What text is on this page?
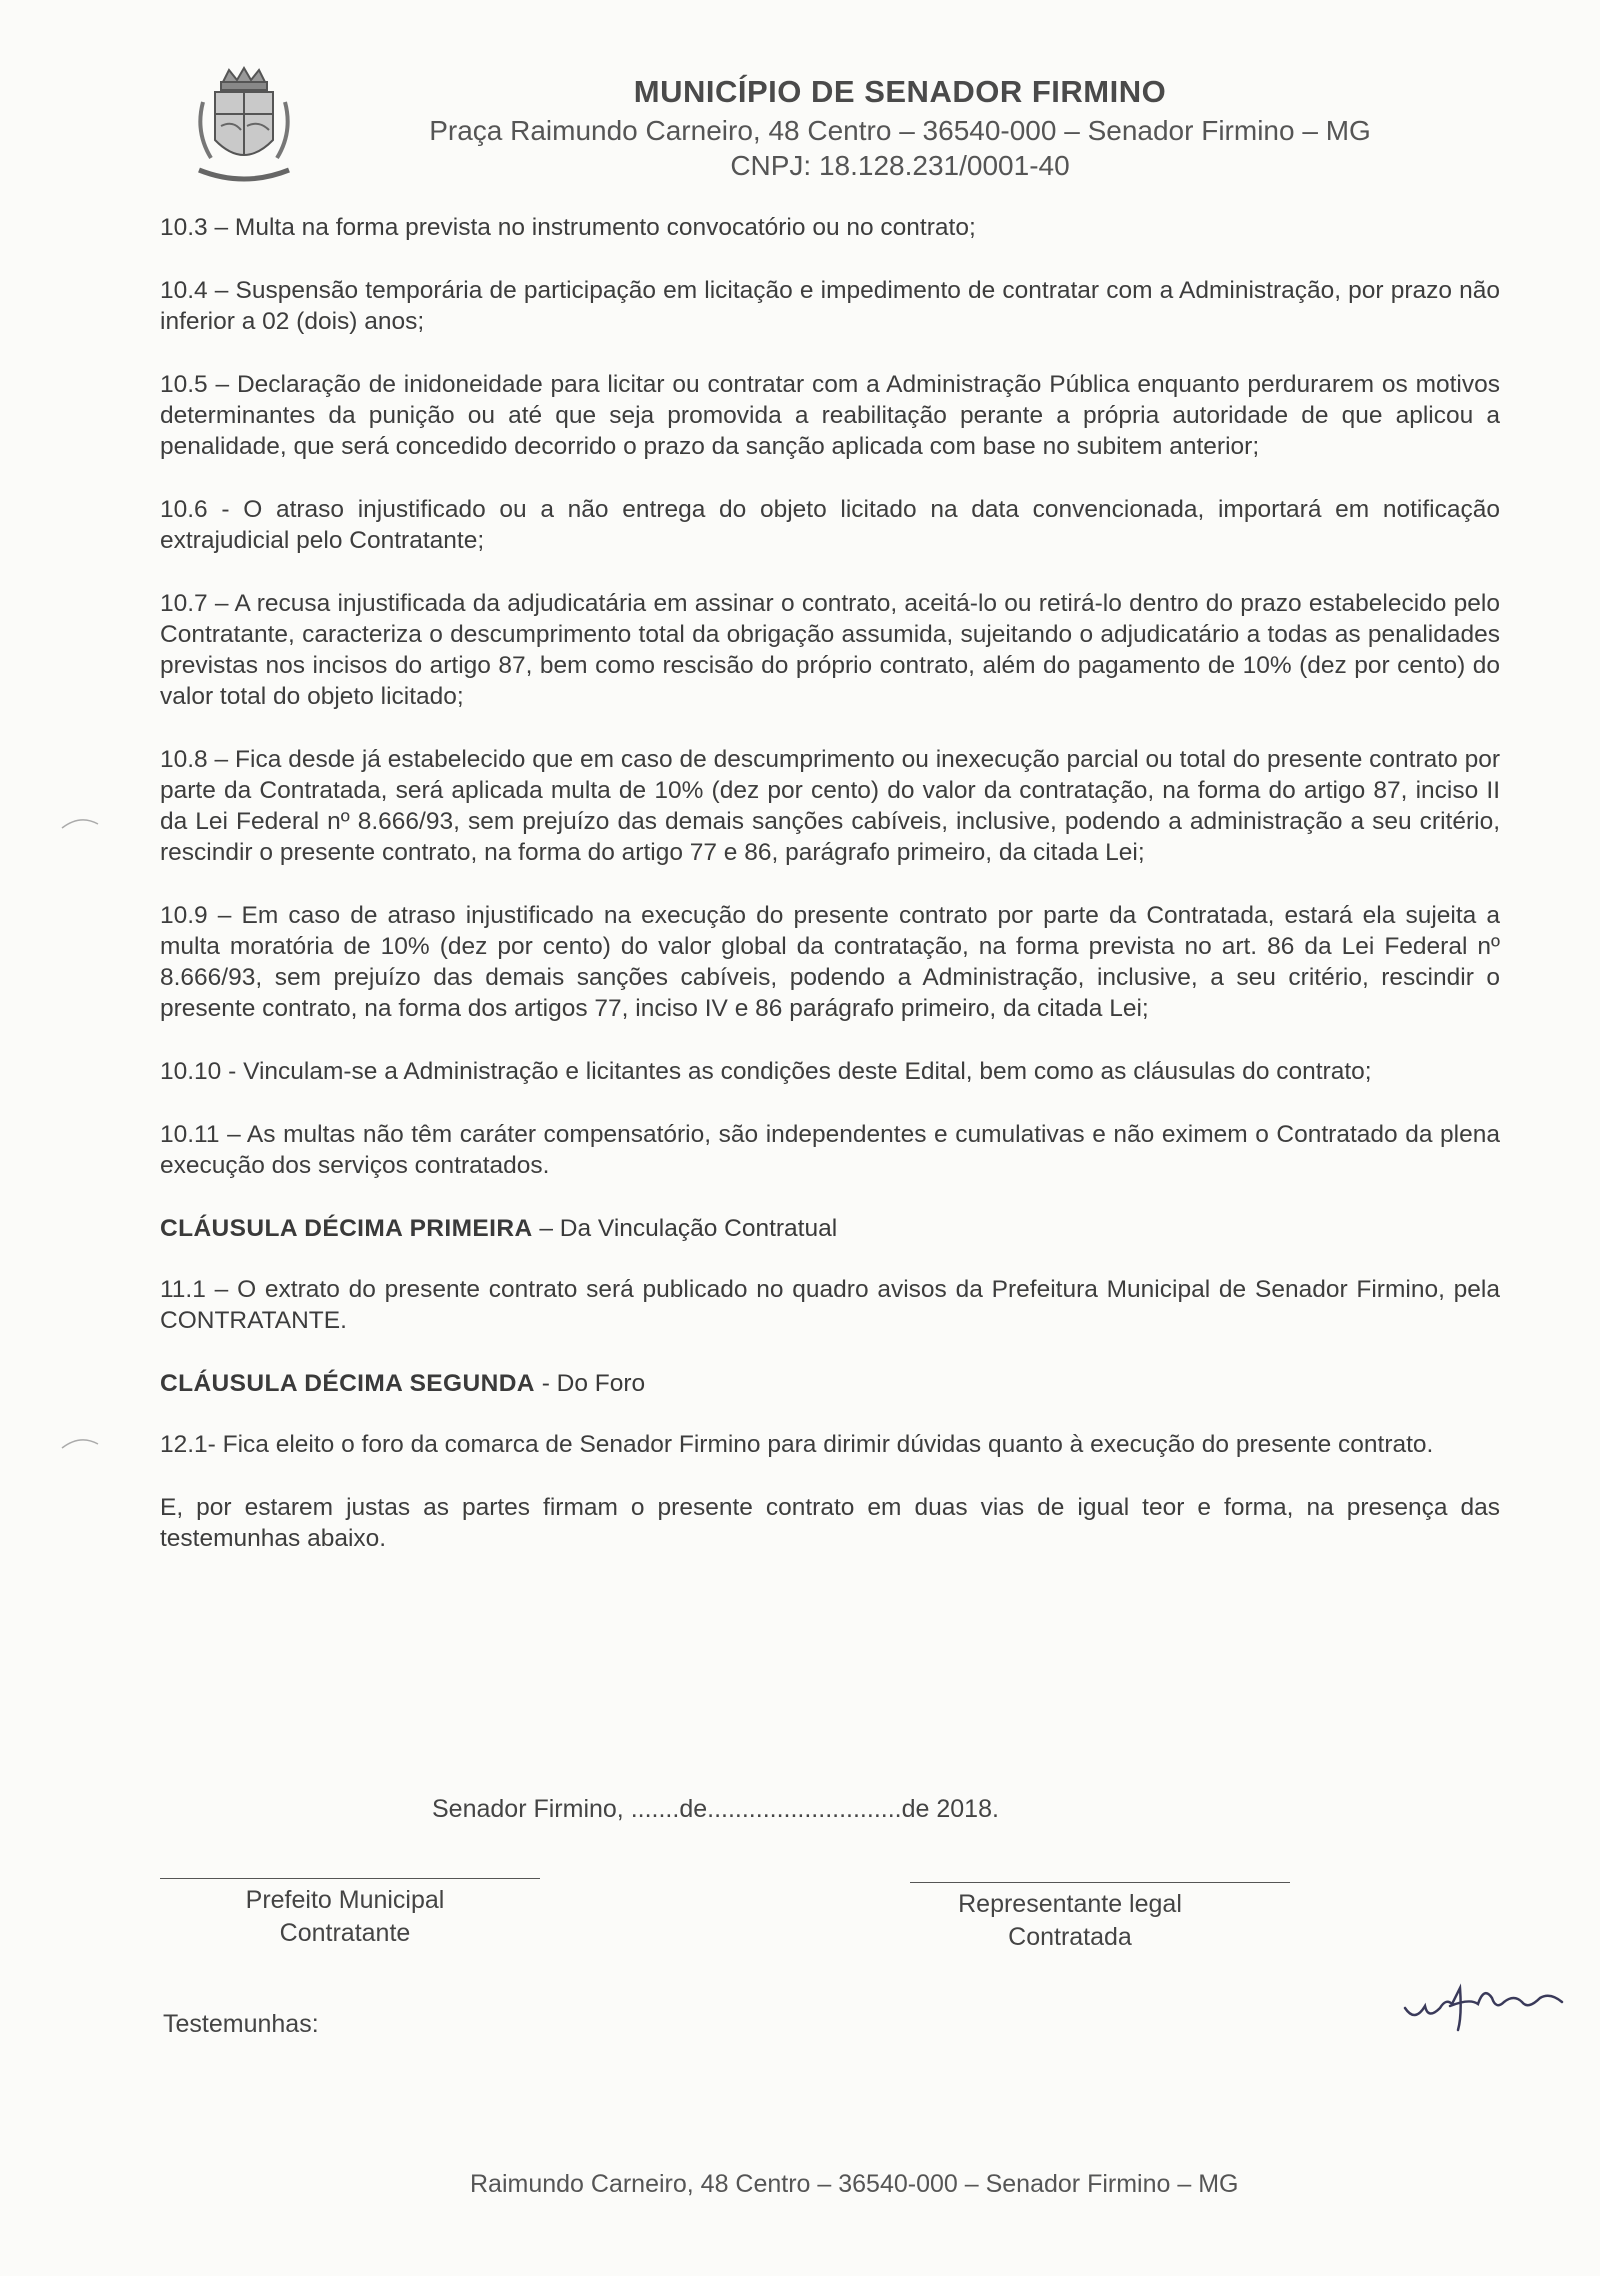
MUNICÍPIO DE SENADOR FIRMINO
Praça Raimundo Carneiro, 48 Centro – 36540-000 – Senador Firmino – MG
CNPJ: 18.128.231/0001-40

10.3 – Multa na forma prevista no instrumento convocatório ou no contrato;

10.4 – Suspensão temporária de participação em licitação e impedimento de contratar com a Administração, por prazo não inferior a 02 (dois) anos;

10.5 – Declaração de inidoneidade para licitar ou contratar com a Administração Pública enquanto perdurarem os motivos determinantes da punição ou até que seja promovida a reabilitação perante a própria autoridade de que aplicou a penalidade, que será concedido decorrido o prazo da sanção aplicada com base no subitem anterior;

10.6 - O atraso injustificado ou a não entrega do objeto licitado na data convencionada, importará em notificação extrajudicial pelo Contratante;

10.7 – A recusa injustificada da adjudicatária em assinar o contrato, aceitá-lo ou retirá-lo dentro do prazo estabelecido pelo Contratante, caracteriza o descumprimento total da obrigação assumida, sujeitando o adjudicatário a todas as penalidades previstas nos incisos do artigo 87, bem como rescisão do próprio contrato, além do pagamento de 10% (dez por cento) do valor total do objeto licitado;

10.8 – Fica desde já estabelecido que em caso de descumprimento ou inexecução parcial ou total do presente contrato por parte da Contratada, será aplicada multa de 10% (dez por cento) do valor da contratação, na forma do artigo 87, inciso II da Lei Federal nº 8.666/93, sem prejuízo das demais sanções cabíveis, inclusive, podendo a administração a seu critério, rescindir o presente contrato, na forma do artigo 77 e 86, parágrafo primeiro, da citada Lei;

10.9 – Em caso de atraso injustificado na execução do presente contrato por parte da Contratada, estará ela sujeita a multa moratória de 10% (dez por cento) do valor global da contratação, na forma prevista no art. 86 da Lei Federal nº 8.666/93, sem prejuízo das demais sanções cabíveis, podendo a Administração, inclusive, a seu critério, rescindir o presente contrato, na forma dos artigos 77, inciso IV e 86 parágrafo primeiro, da citada Lei;

10.10 - Vinculam-se a Administração e licitantes as condições deste Edital, bem como as cláusulas do contrato;

10.11 – As multas não têm caráter compensatório, são independentes e cumulativas e não eximem o Contratado da plena execução dos serviços contratados.

CLÁUSULA DÉCIMA PRIMEIRA – Da Vinculação Contratual

11.1 – O extrato do presente contrato será publicado no quadro avisos da Prefeitura Municipal de Senador Firmino, pela CONTRATANTE.

CLÁUSULA DÉCIMA SEGUNDA - Do Foro

12.1- Fica eleito o foro da comarca de Senador Firmino para dirimir dúvidas quanto à execução do presente contrato.

E, por estarem justas as partes firmam o presente contrato em duas vias de igual teor e forma, na presença das testemunhas abaixo.

Senador Firmino, .......de............................de 2018.
Prefeito Municipal
Contratante
Representante legal
Contratada
Testemunhas:
Raimundo Carneiro, 48 Centro – 36540-000 – Senador Firmino – MG
